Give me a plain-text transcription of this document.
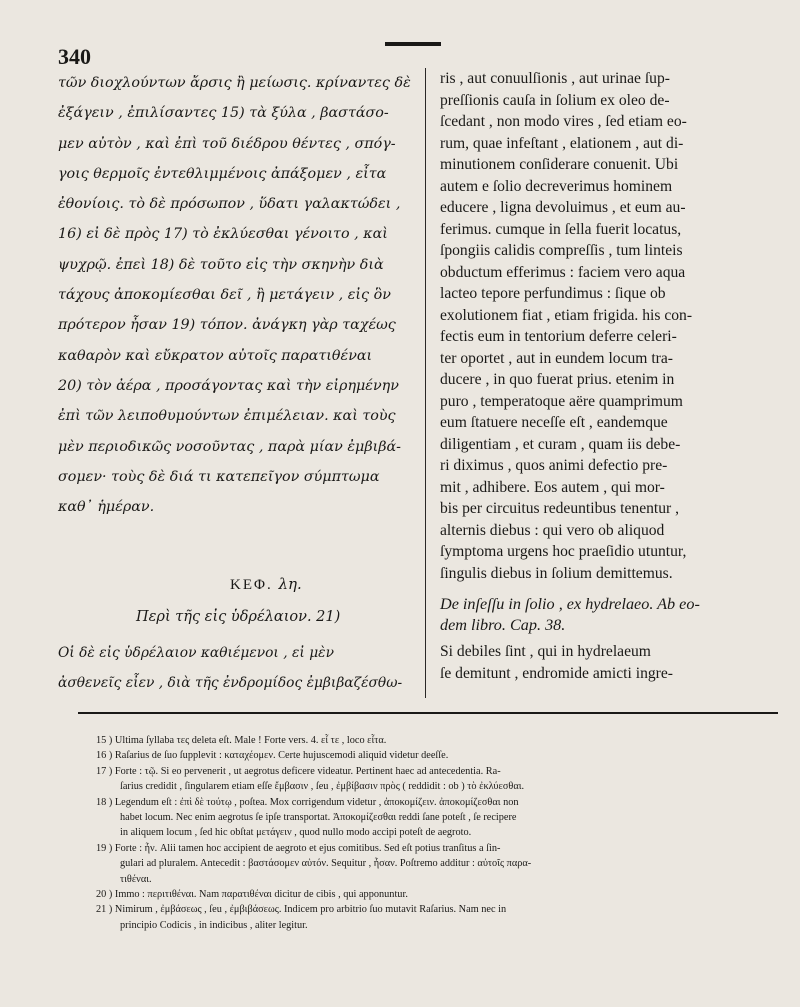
340
τῶν διοχλούντων ἄρσις ἢ μείωσις. κρίναντες δὲ
ἐξάγειν , ἐπιλίσαντες 15) τὰ ξύλα , βαστάσο-
μεν αὐτὸν , καὶ ἐπὶ τοῦ διέδρου θέντες , σπόγ-
γοις θερμοῖς ἐντεθλιμμένοις ἀπάξομεν , εἶτα
ἐθονίοις. τὸ δὲ πρόσωπον , ὕδατι γαλακτώδει ,
16) εἰ δὲ πρὸς 17) τὸ ἐκλύεσθαι γένοιτο , καὶ
ψυχρῷ. ἐπεὶ 18) δὲ τοῦτο εἰς τὴν σκηνὴν διὰ
τάχους ἀποκομίεσθαι δεῖ , ἢ μετάγειν , εἰς ὃν
πρότερον ἦσαν 19) τόπον. ἀνάγκη γὰρ ταχέως
καθαρὸν καὶ εὔκρατον αὐτοῖς παρατιθέναι
20) τὸν ἀέρα , προσάγοντας καὶ τὴν εἰρημένην
ἐπὶ τῶν λειποθυμούντων ἐπιμέλειαν. καὶ τοὺς
μὲν περιοδικῶς νοσοῦντας , παρὰ μίαν ἐμβιβά-
σομεν· τοὺς δὲ διά τι κατεπεῖγον σύμπτωμα
καθ᾽ ἡμέραν.
ΚΕΦ. λη.
Περὶ τῆς εἰς ὑδρέλαιον. 21)
Οἱ δὲ εἰς ὑδρέλαιον καθιέμενοι , εἰ μὲν
ἀσθενεῖς εἶεν , διὰ τῆς ἐνδρομίδος ἐμβιβαζέσθω-
ris , aut conuulſionis , aut urinae ſup-
preſſionis cauſa in ſolium ex oleo de-
ſcedant , non modo vires , ſed etiam eo-
rum, quae infeſtant , elationem , aut di-
minutionem conſiderare conuenit. Ubi
autem e ſolio decreverimus hominem
educere , ligna devoluimus , et eum au-
ferimus. cumque in ſella fuerit locatus,
ſpongiis calidis compreſſis , tum linteis
obductum efferimus : faciem vero aqua
lacteo tepore perfundimus : ſique ob
exolutionem fiat , etiam frigida. his con-
fectis eum in tentorium deferre celeri-
ter oportet , aut in eundem locum tra-
ducere , in quo fuerat prius. etenim in
puro , temperatoque aëre quamprimum
eum ſtatuere neceſſe eſt , eandemque
diligentiam , et curam , quam iis debe-
ri diximus , quos animi defectio pre-
mit , adhibere. Eos autem , qui mor-
bis per circuitus redeuntibus tenentur ,
alternis diebus : qui vero ob aliquod
ſymptoma urgens hoc praeſidio utuntur,
ſingulis diebus in ſolium demittemus.
De inſeſſu in ſolio , ex hydrelaeo. Ab eo-
dem libro. Cap. 38.
Si debiles ſint , qui in hydrelaeum
ſe demitunt , endromide amicti ingre-
15 ) Ultima ſyllaba τες deleta eſt. Male ! Forte vers. 4. εἶ τε , loco εἶτα.
16 ) Raſarius de ſuo ſupplevit : καταχέομεν. Certe hujuscemodi aliquid videtur deeſſe.
17 ) Forte : τῷ. Si eo pervenerit , ut aegrotus deficere videatur. Pertinent haec ad antecedentia. Ra-
ſarius credidit , ſingularem etiam eſſe ἔμβασιν , ſeu , ἐμβίβασιν πρὸς ( reddidit : ob ) τὸ ἐκλύεσθαι.
18 ) Legendum eſt : ἐπὶ δὲ τούτῳ , poſtea. Mox corrigendum videtur , ἀποκομίζειν. ἀποκομίζεσθαι non
habet locum. Nec enim aegrotus ſe ipſe transportat. Ἀποκομίζεσθαι reddi ſane poteſt , ſe recipere
in aliquem locum , ſed hic obſtat μετάγειν , quod nullo modo accipi poteſt de aegroto.
19 ) Forte : ἦν. Alii tamen hoc accipient de aegroto et ejus comitibus. Sed eſt potius tranſitus a ſin-
gulari ad pluralem. Antecedit : βαστάσομεν αὐτόν. Sequitur , ἦσαν. Poſtremo additur : αὐτοῖς παρα-
τιθέναι.
20 ) Immo : περιτιθέναι. Nam παρατιθέναι dicitur de cibis , qui apponuntur.
21 ) Nimirum , ἐμβάσεως , ſeu , ἐμβιβάσεως. Indicem pro arbitrio ſuo mutavit Raſarius. Nam nec in
principio Codicis , in indicibus , aliter legitur.
